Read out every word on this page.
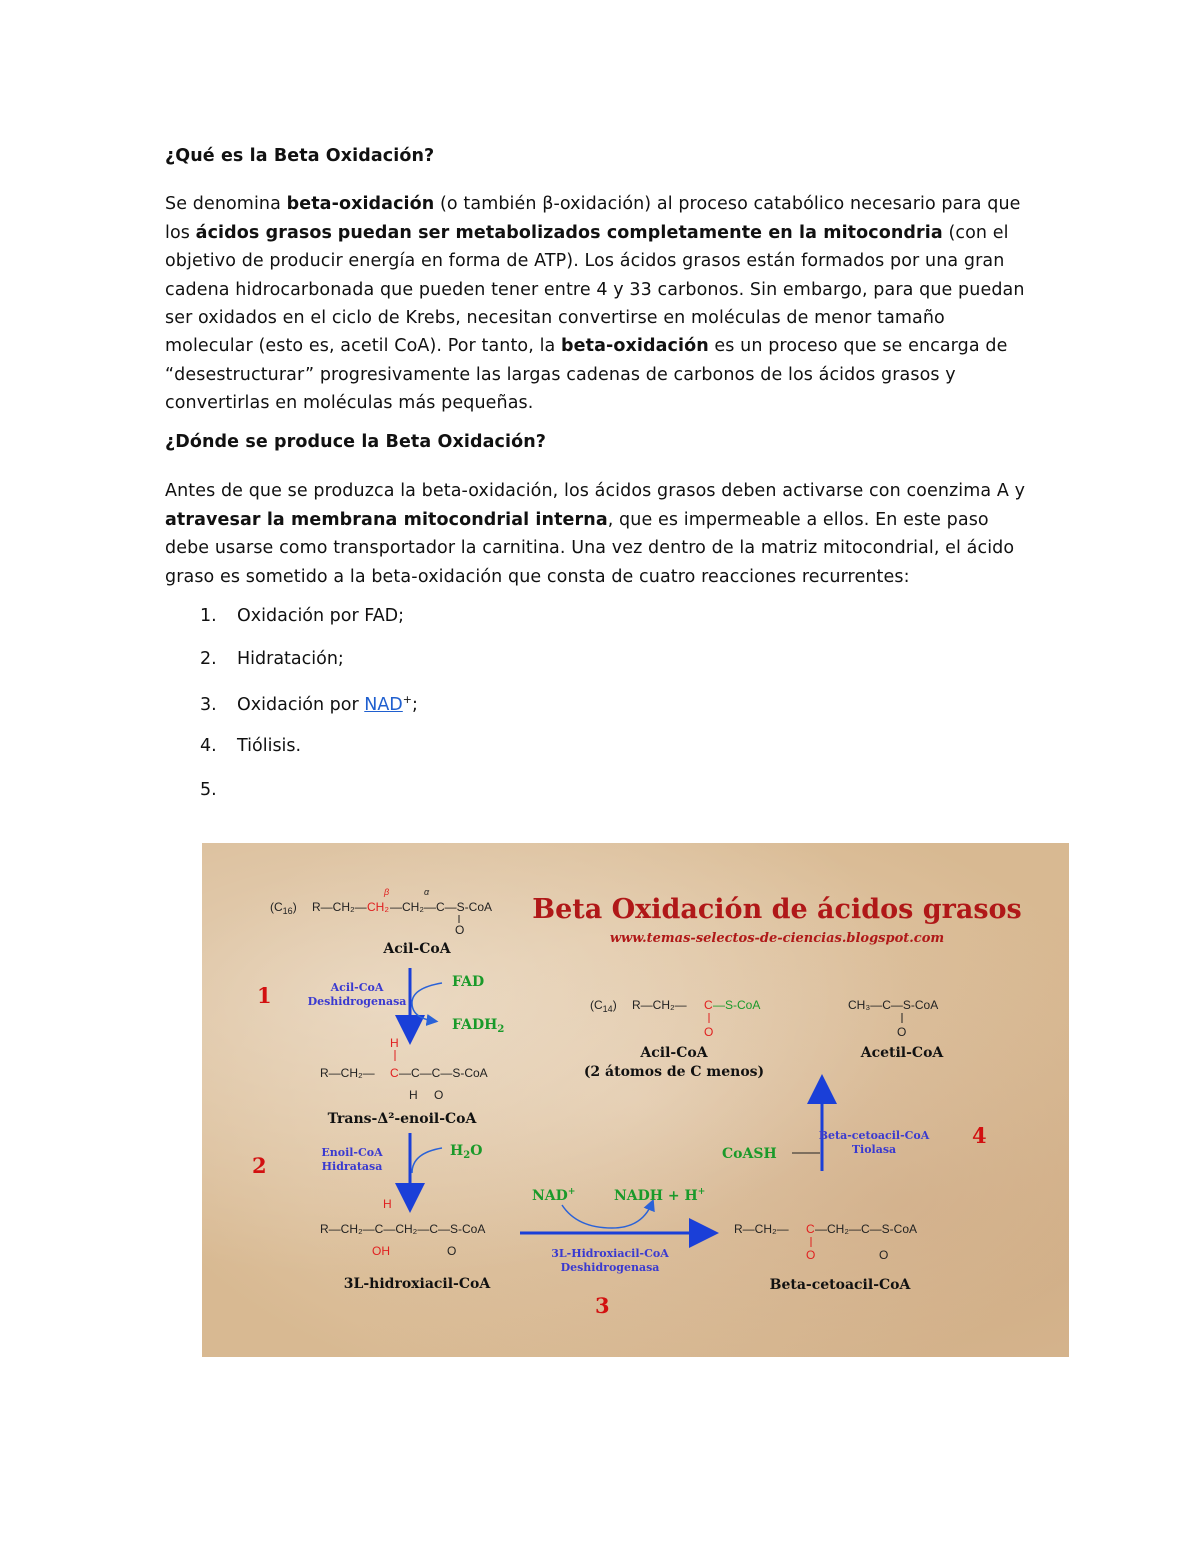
¿Qué es la Beta Oxidación?

Se denomina beta-oxidación (o también β-oxidación) al proceso catabólico necesario para que los ácidos grasos puedan ser metabolizados completamente en la mitocondria (con el objetivo de producir energía en forma de ATP). Los ácidos grasos están formados por una gran cadena hidrocarbonada que pueden tener entre 4 y 33 carbonos. Sin embargo, para que puedan ser oxidados en el ciclo de Krebs, necesitan convertirse en moléculas de menor tamaño molecular (esto es, acetil CoA). Por tanto, la beta-oxidación es un proceso que se encarga de “desestructurar” progresivamente las largas cadenas de carbonos de los ácidos grasos y convertirlas en moléculas más pequeñas.

¿Dónde se produce la Beta Oxidación?

Antes de que se produzca la beta-oxidación, los ácidos grasos deben activarse con coenzima A y atravesar la membrana mitocondrial interna, que es impermeable a ellos. En este paso debe usarse como transportador la carnitina. Una vez dentro de la matriz mitocondrial, el ácido graso es sometido a la beta-oxidación que consta de cuatro reacciones recurrentes:

1. Oxidación por FAD;
2. Hidratación;
3. Oxidación por NAD+;
4. Tiólisis.
5.
Beta Oxidación de ácidos grasos
www.temas-selectos-de-ciencias.blogspot.com
$(C_{16})$ R—CH₂— CH₂
β
—CH₂—C—S-CoA
α
O
Acil-CoA
1	Acil-CoA
Deshidrogenasa
FAD
$FADH_2$
H
R—CH₂— C —C—C—S-CoA
H O
Trans-Δ²-enoil-CoA
2
Enoil-CoA
Hidratasa
$H_2O$
H
R—CH₂—C—CH₂—C—S-CoA
OH	O
3L-hidroxiacil-CoA
NAD+	NADH + H+
3L-Hidroxiacil-CoA
Deshidrogenasa
3
R—CH₂— C —CH₂—C—S-CoA
O	O
Beta-cetoacil-CoA
CoASH
Beta-cetoacil-CoA
Tiolasa
4
$(C_{14})$ R—CH₂— C —S-CoA
O
Acil-CoA
(2 átomos de C menos)
CH₃—C—S-CoA
O
Acetil-CoA
